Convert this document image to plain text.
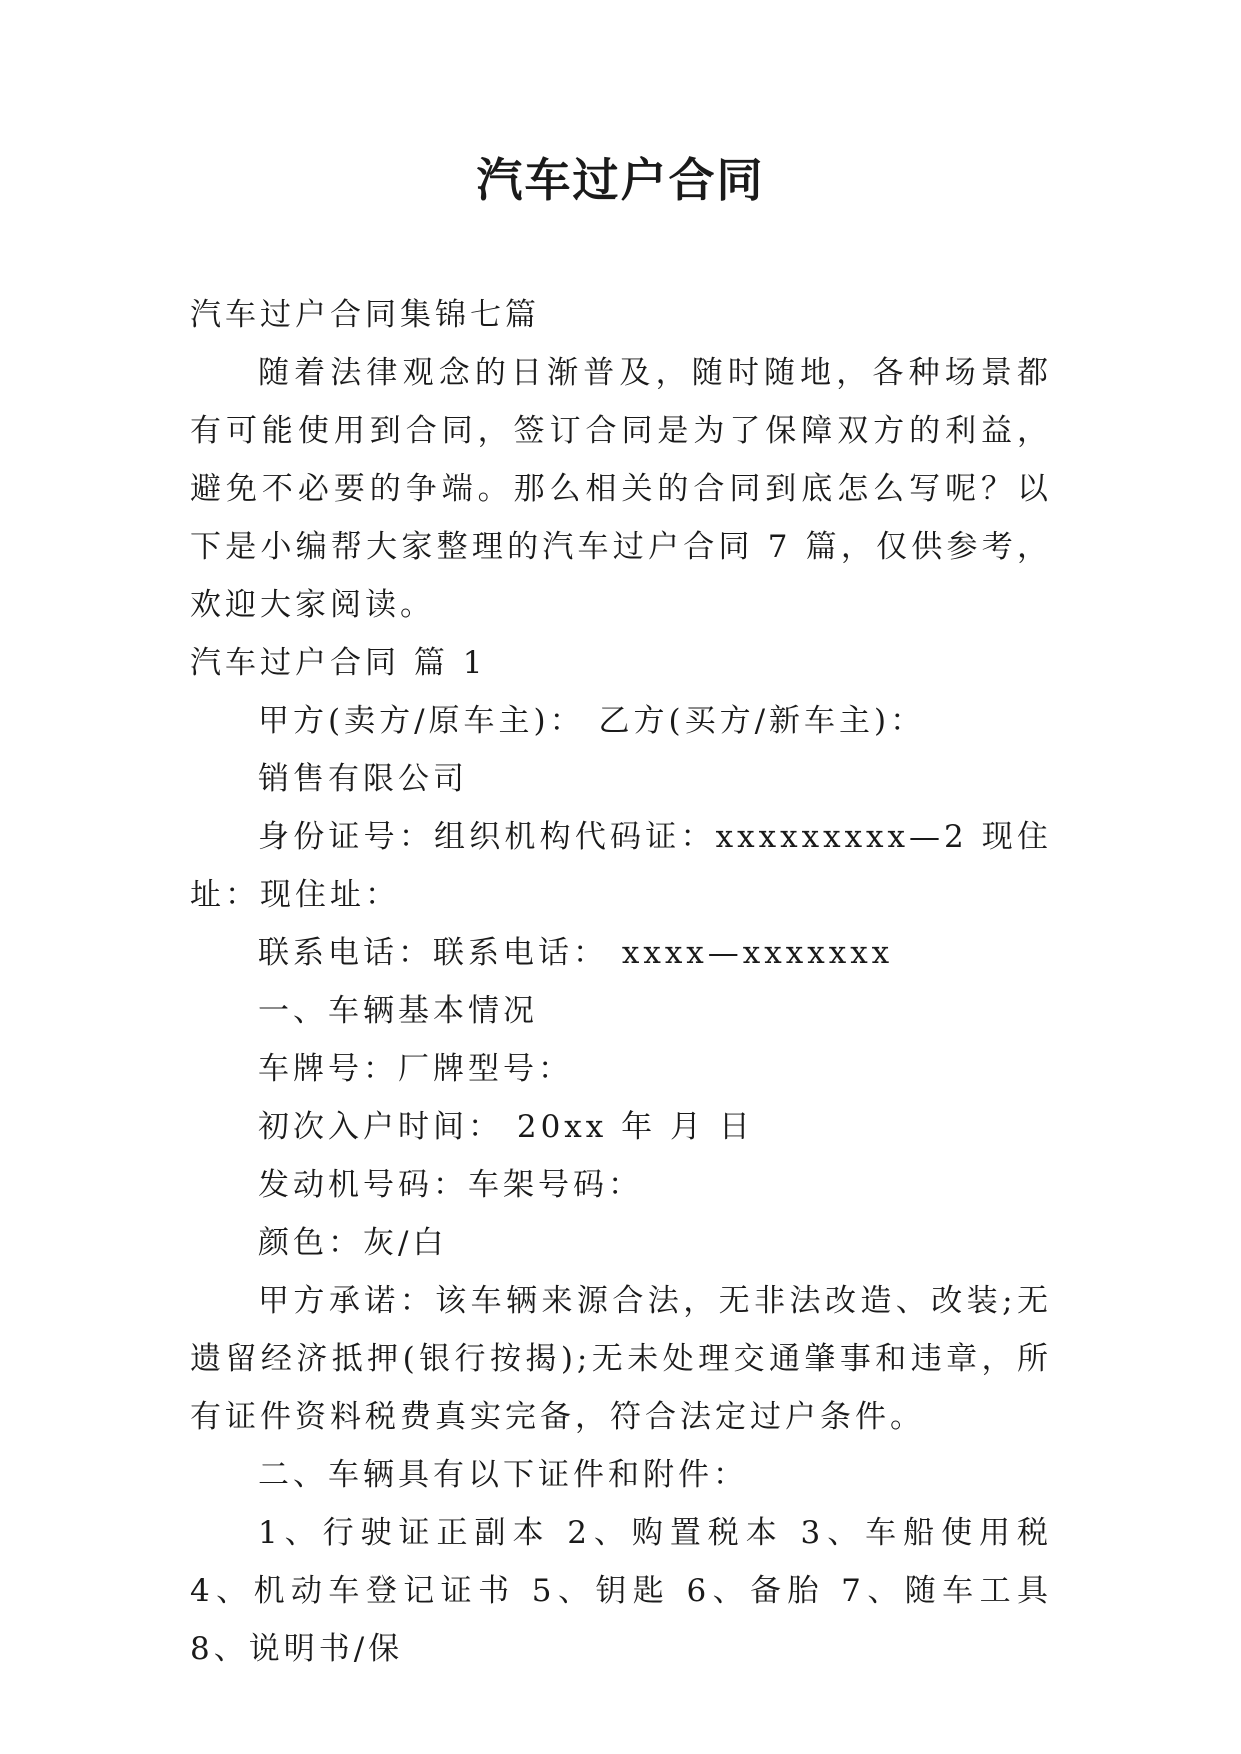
汽车过户合同

汽车过户合同集锦七篇

随着法律观念的日渐普及，随时随地，各种场景都有可能使用到合同，签订合同是为了保障双方的利益，避免不必要的争端。那么相关的合同到底怎么写呢？以下是小编帮大家整理的汽车过户合同 7 篇，仅供参考，欢迎大家阅读。

汽车过户合同 篇 1

甲方(卖方/原车主)： 乙方(买方/新车主)：

销售有限公司

身份证号：组织机构代码证：xxxxxxxxx—2 现住址：现住址：

联系电话：联系电话： xxxx—xxxxxxx

一、车辆基本情况

车牌号：厂牌型号：

初次入户时间： 20xx 年 月 日

发动机号码：车架号码：

颜色：灰/白

甲方承诺：该车辆来源合法，无非法改造、改装;无遗留经济抵押(银行按揭);无未处理交通肇事和违章，所有证件资料税费真实完备，符合法定过户条件。

二、车辆具有以下证件和附件：

1、行驶证正副本 2、购置税本 3、车船使用税 4、机动车登记证书 5、钥匙 6、备胎 7、随车工具 8、说明书/保
